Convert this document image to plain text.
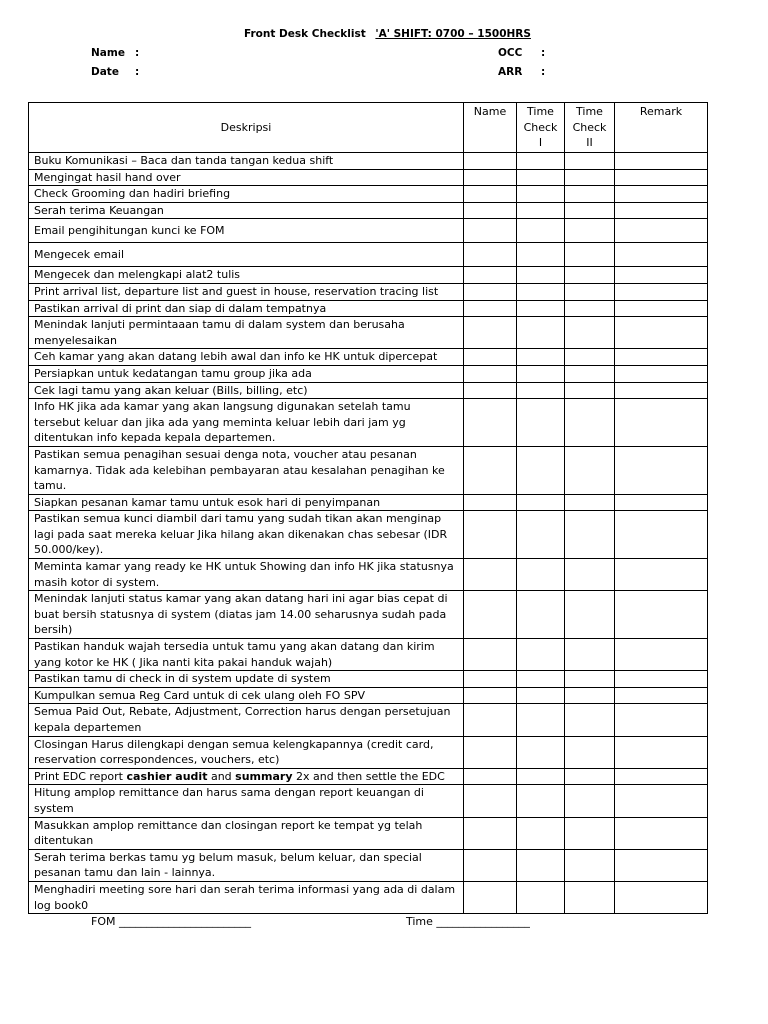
Front Desk Checklist 'A' SHIFT: 0700 – 1500HRS
Name :
Date :
OCC :
ARR :
Deskripsi	Name	Time Check I	Time Check II	Remark
Buku Komunikasi – Baca dan tanda tangan kedua shift				
Mengingat hasil hand over				
Check Grooming dan hadiri briefing				
Serah terima Keuangan				
Email pengihitungan kunci ke FOM				
Mengecek email				
Mengecek dan melengkapi alat2 tulis				
Print arrival list, departure list and guest in house, reservation tracing list				
Pastikan arrival di print dan siap di dalam tempatnya				
Menindak lanjuti permintaaan tamu di dalam system dan berusaha menyelesaikan				
Ceh kamar yang akan datang lebih awal dan info ke HK untuk dipercepat				
Persiapkan untuk kedatangan tamu group jika ada				
Cek lagi tamu yang akan keluar (Bills, billing, etc)				
Info HK jika ada kamar yang akan langsung digunakan setelah tamu tersebut keluar dan jika ada yang meminta keluar lebih dari jam yg ditentukan info kepada kepala departemen.				
Pastikan semua penagihan sesuai denga nota, voucher atau pesanan kamarnya. Tidak ada kelebihan pembayaran atau kesalahan penagihan ke tamu.				
Siapkan pesanan kamar tamu untuk esok hari di penyimpanan				
Pastikan semua kunci diambil dari tamu yang sudah tikan akan menginap lagi pada saat mereka keluar Jika hilang akan dikenakan chas sebesar (IDR 50.000/key).				
Meminta kamar yang ready ke HK untuk Showing dan info HK jika statusnya masih kotor di system.				
Menindak lanjuti status kamar yang akan datang hari ini agar bias cepat di buat bersih statusnya di system (diatas jam 14.00 seharusnya sudah pada bersih)				
Pastikan handuk wajah tersedia untuk tamu yang akan datang dan kirim yang kotor ke HK ( Jika nanti kita pakai handuk wajah)				
Pastikan tamu di check in di system update di system				
Kumpulkan semua Reg Card untuk di cek ulang oleh FO SPV				
Semua Paid Out, Rebate, Adjustment, Correction harus dengan persetujuan kepala departemen				
Closingan Harus dilengkapi dengan semua kelengkapannya (credit card, reservation correspondences, vouchers, etc)				
Print EDC report cashier audit and summary 2x and then settle the EDC				
Hitung amplop remittance dan harus sama dengan report keuangan di system				
Masukkan amplop remittance dan closingan report ke tempat yg telah ditentukan				
Serah terima berkas tamu yg belum masuk, belum keluar, dan special pesanan tamu dan lain - lainnya.				
Menghadiri meeting sore hari dan serah terima informasi yang ada di dalam log book0				
FOM ________________________	Time _________________
